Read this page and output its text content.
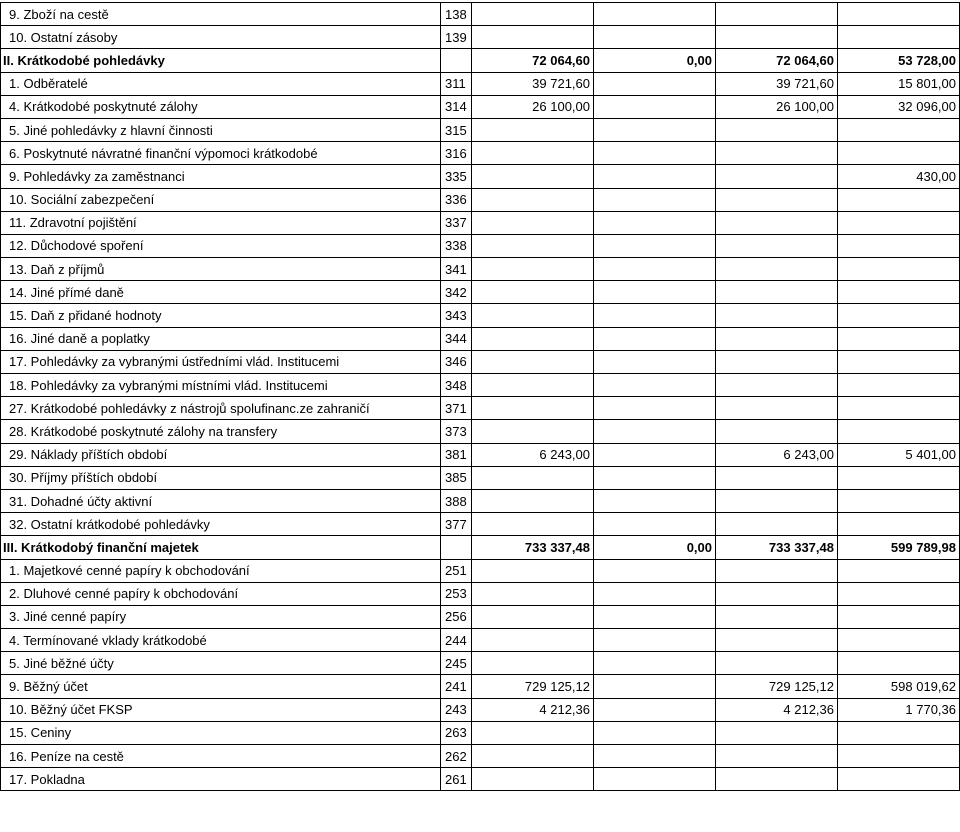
9. Zboží na cestě	138				
10. Ostatní zásoby	139				
II. Krátkodobé pohledávky		72 064,60	0,00	72 064,60	53 728,00
1. Odběratelé	311	39 721,60		39 721,60	15 801,00
4. Krátkodobé poskytnuté zálohy	314	26 100,00		26 100,00	32 096,00
5. Jiné pohledávky z hlavní činnosti	315				
6. Poskytnuté návratné finanční výpomoci krátkodobé	316				
9. Pohledávky za zaměstnanci	335				430,00
10. Sociální zabezpečení	336				
11. Zdravotní pojištění	337				
12. Důchodové spoření	338				
13. Daň z příjmů	341				
14. Jiné přímé daně	342				
15. Daň z přidané hodnoty	343				
16. Jiné daně a poplatky	344				
17. Pohledávky za vybranými ústředními vlád. Institucemi	346				
18. Pohledávky za vybranými místními vlád. Institucemi	348				
27. Krátkodobé pohledávky z nástrojů spolufinanc.ze zahraničí	371				
28. Krátkodobé poskytnuté zálohy na transfery	373				
29. Náklady příštích období	381	6 243,00		6 243,00	5 401,00
30. Příjmy příštích období	385				
31. Dohadné účty aktivní	388				
32. Ostatní krátkodobé pohledávky	377				
III. Krátkodobý finanční majetek		733 337,48	0,00	733 337,48	599 789,98
1. Majetkové cenné papíry k obchodování	251				
2. Dluhové cenné papíry k obchodování	253				
3. Jiné cenné papíry	256				
4. Termínované vklady krátkodobé	244				
5. Jiné běžné účty	245				
9. Běžný účet	241	729 125,12		729 125,12	598 019,62
10. Běžný účet FKSP	243	4 212,36		4 212,36	1 770,36
15. Ceniny	263				
16. Peníze na cestě	262				
17. Pokladna	261				
